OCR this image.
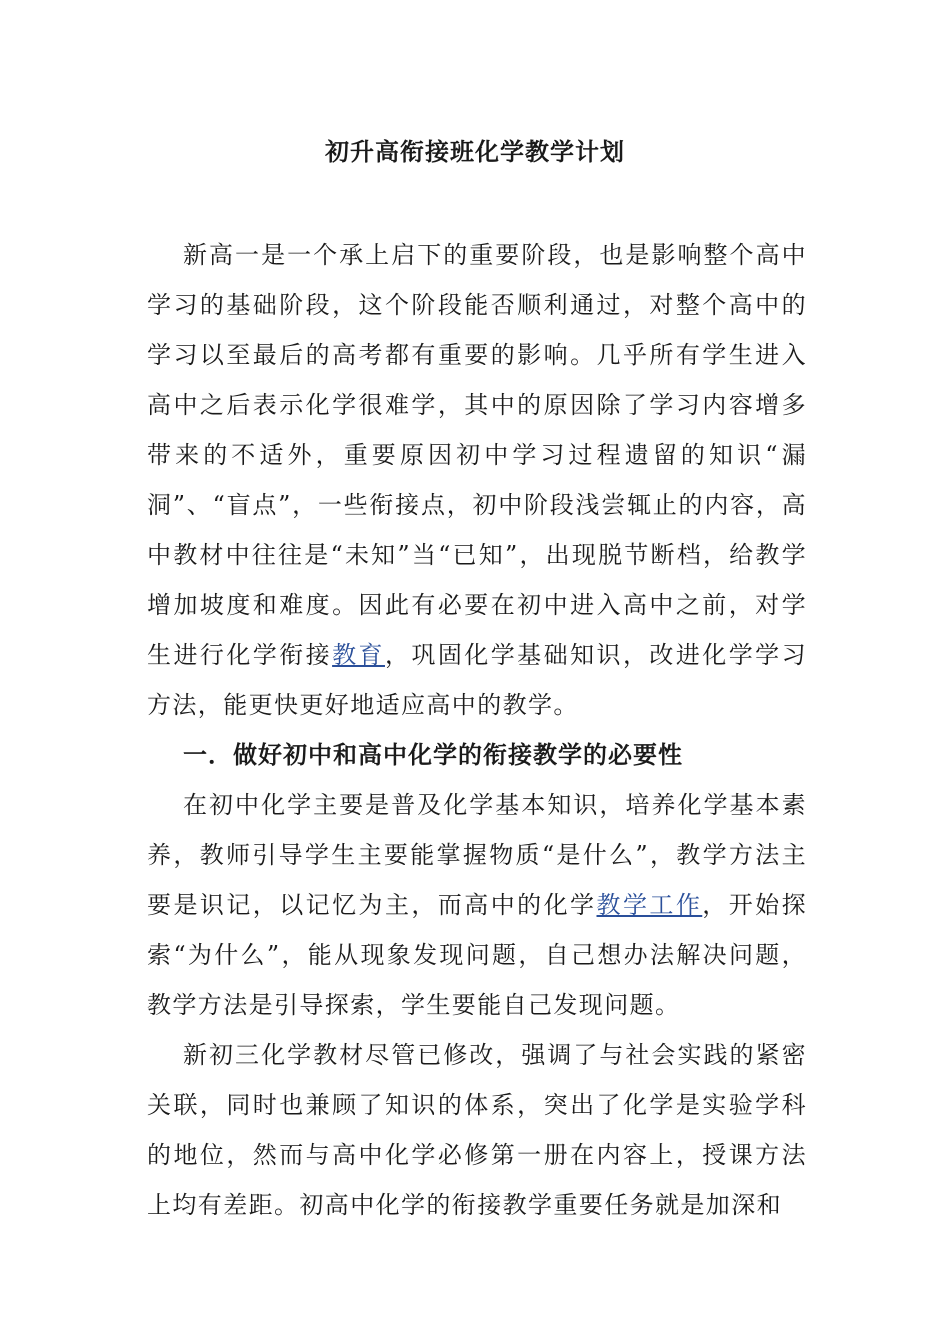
初升高衔接班化学教学计划

新高一是一个承上启下的重要阶段，也是影响整个高中学习的基础阶段，这个阶段能否顺利通过，对整个高中的学习以至最后的高考都有重要的影响。几乎所有学生进入高中之后表示化学很难学，其中的原因除了学习内容增多带来的不适外，重要原因初中学习过程遗留的知识“漏洞”、“盲点”，一些衔接点，初中阶段浅尝辄止的内容，高中教材中往往是“未知”当“已知”，出现脱节断档，给教学增加坡度和难度。因此有必要在初中进入高中之前，对学生进行化学衔接教育，巩固化学基础知识，改进化学学习方法，能更快更好地适应高中的教学。

一．做好初中和高中化学的衔接教学的必要性

在初中化学主要是普及化学基本知识，培养化学基本素养，教师引导学生主要能掌握物质“是什么”，教学方法主要是识记，以记忆为主，而高中的化学教学工作，开始探索“为什么”，能从现象发现问题，自己想办法解决问题，教学方法是引导探索，学生要能自己发现问题。

新初三化学教材尽管已修改，强调了与社会实践的紧密关联，同时也兼顾了知识的体系，突出了化学是实验学科的地位，然而与高中化学必修第一册在内容上，授课方法上均有差距。初高中化学的衔接教学重要任务就是加深和
